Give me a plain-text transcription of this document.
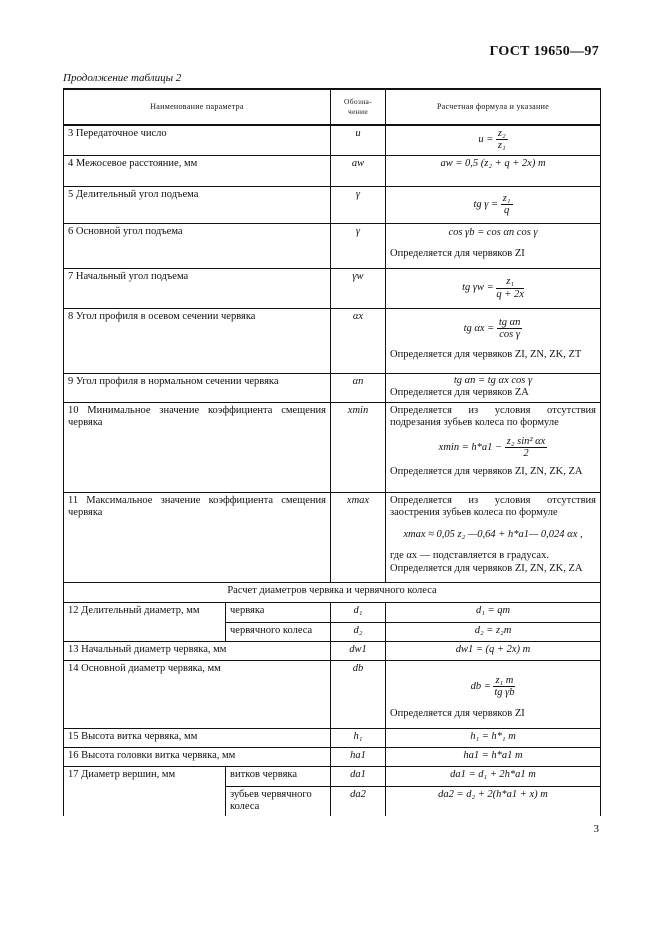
ГОСТ 19650—97
Продолжение таблицы 2
Наименование параметра		Обозна-чение	Расчетная формула и указание
3 Передаточное число		u	$u = \frac{\text{z₂}}{\text{z₁}}$

4 Межосевое расстояние, мм		aw	aw = 0,5 (z₂ + q + 2x) m
5 Делительный угол подъема		γ	tg $\gamma = \frac{\text{z₁}}{q}$

6 Основной угол подъема		γ	cos γb = cos αn cos γ
Определяется для червяков ZI

7 Начальный угол подъема		γw	tg $\gamma w = \frac{\text{z₁}}{q + 2x}$

8 Угол профиля в осевом сечении червяка		αx	tg $\alpha x = \frac{\text{tg αn}}{\text{cos γ}}$
Определяется для червяков ZI, ZN, ZK, ZT

9 Угол профиля в нормальном сечении червяка		αn	tg αn = tg αx cos γ
Определяется для червяков ZA

10 Минимальное значение коэффициента смещения червяка		xmin	Определяется из условия отсутствия подрезания зубьев колеса по формуле
$xmin = h*a1 - \frac{\text{z₂ sin² αx}}{2}$
Определяется для червяков ZI, ZN, ZK, ZA

11 Максимальное значение коэффициента смещения червяка		xmax	Определяется из условия отсутствия заострения зубьев колеса по формуле
xmax ≈ 0,05 z₂ —0,64 + h*a1— 0,024 αx ,
где αx — подставляется в градусах.
Определяется для червяков ZI, ZN, ZK, ZA

Расчет диаметров червяка и червячного колеса			
12 Делительный диаметр, мм	червяка	d₁	d₁ = qm
	червячного колеса	d₂	d₂ = z₂m
13 Начальный диаметр червяка, мм		dw1	dw1 = (q + 2x) m
14 Основной диаметр червяка, мм		db	db = $\frac{\text{z₁ m}}{\text{tg γb}}$
Определяется для червяков ZI

15 Высота витка червяка, мм		h₁	h₁ = h*₁ m
16 Высота головки витка червяка, мм		ha1	ha1 = h*a1 m
17 Диаметр вершин, мм	витков червяка	da1	da1 = d₁ + 2h*a1 m
	зубьев червячного колеса	da2	da2 = d₂ + 2(h*a1 + x) m
3
